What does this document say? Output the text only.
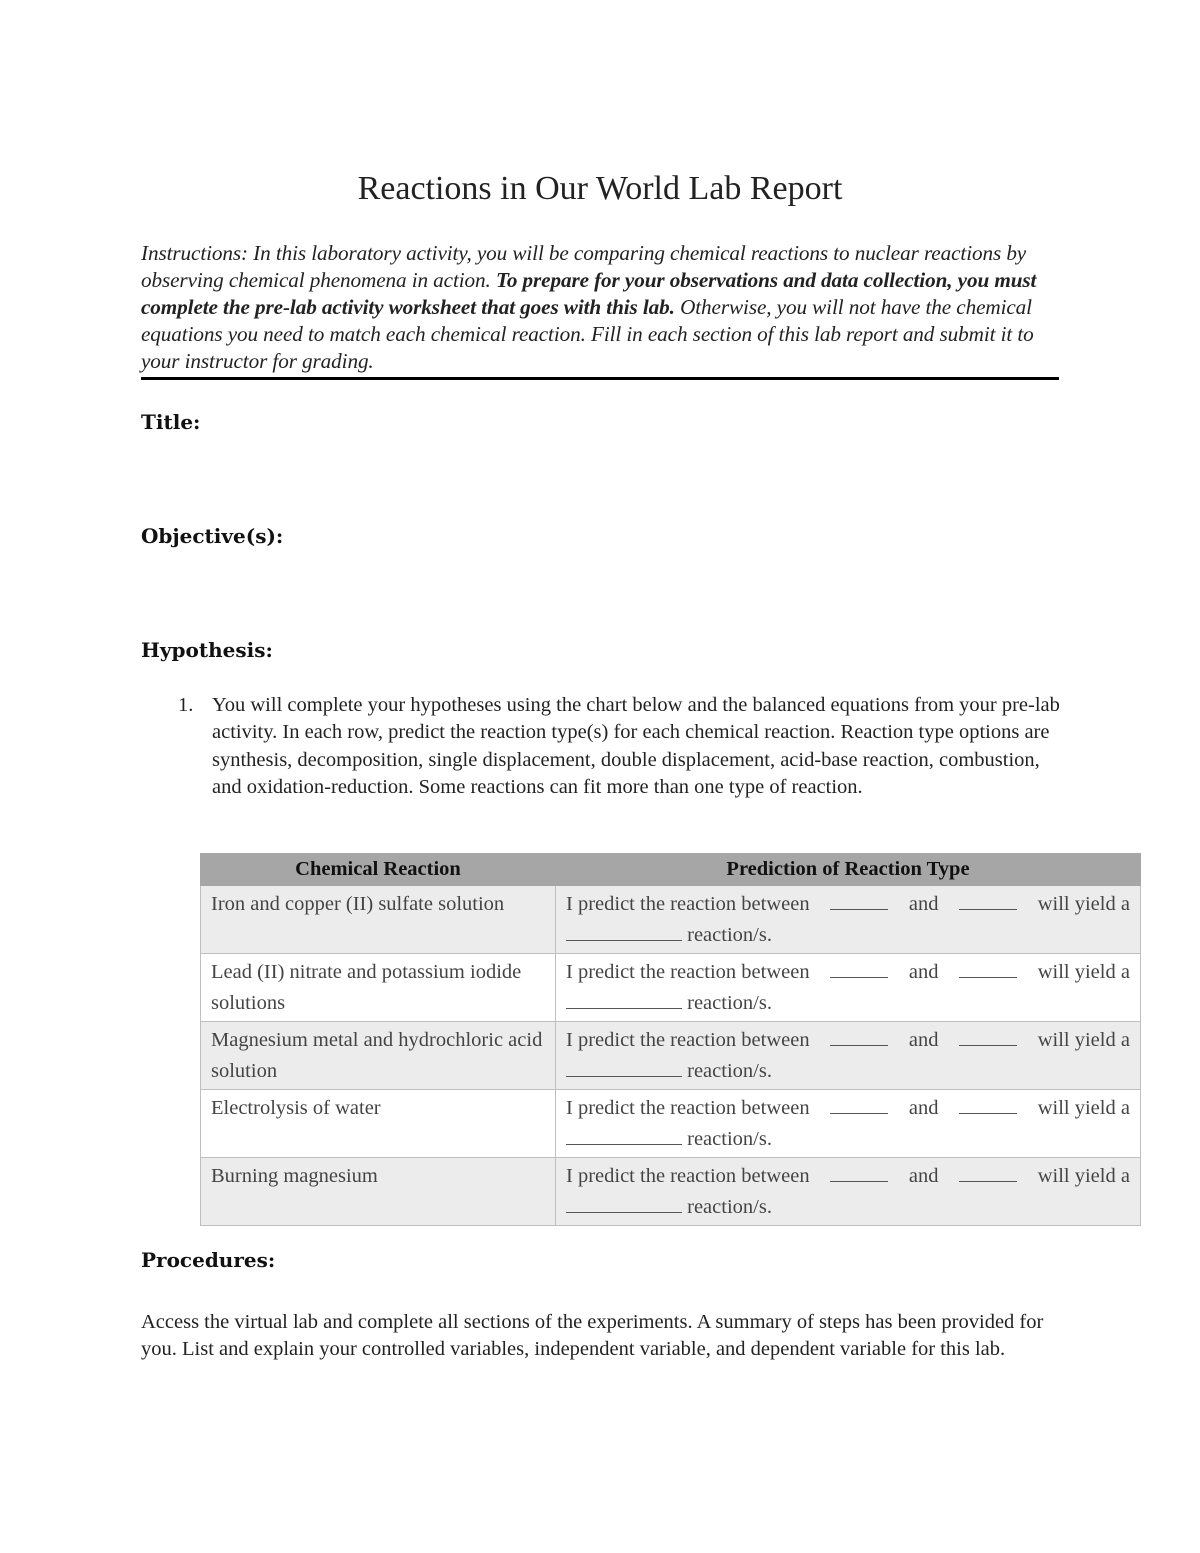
Reactions in Our World Lab Report
Instructions: In this laboratory activity, you will be comparing chemical reactions to nuclear reactions by observing chemical phenomena in action. To prepare for your observations and data collection, you must complete the pre-lab activity worksheet that goes with this lab. Otherwise, you will not have the chemical equations you need to match each chemical reaction. Fill in each section of this lab report and submit it to your instructor for grading.
Title:
Objective(s):
Hypothesis:
1. You will complete your hypotheses using the chart below and the balanced equations from your pre-lab activity. In each row, predict the reaction type(s) for each chemical reaction. Reaction type options are synthesis, decomposition, single displacement, double displacement, acid-base reaction, combustion, and oxidation-reduction. Some reactions can fit more than one type of reaction.
Chemical Reaction	Prediction of Reaction Type
Iron and copper (II) sulfate solution	I predict the reaction between and will yield a
reaction/s.

Lead (II) nitrate and potassium iodide solutions	I predict the reaction between and will yield a
reaction/s.

Magnesium metal and hydrochloric acid solution	I predict the reaction between and will yield a
reaction/s.

Electrolysis of water	I predict the reaction between and will yield a
reaction/s.

Burning magnesium	I predict the reaction between and will yield a
reaction/s.
Procedures:
Access the virtual lab and complete all sections of the experiments. A summary of steps has been provided for you. List and explain your controlled variables, independent variable, and dependent variable for this lab.
